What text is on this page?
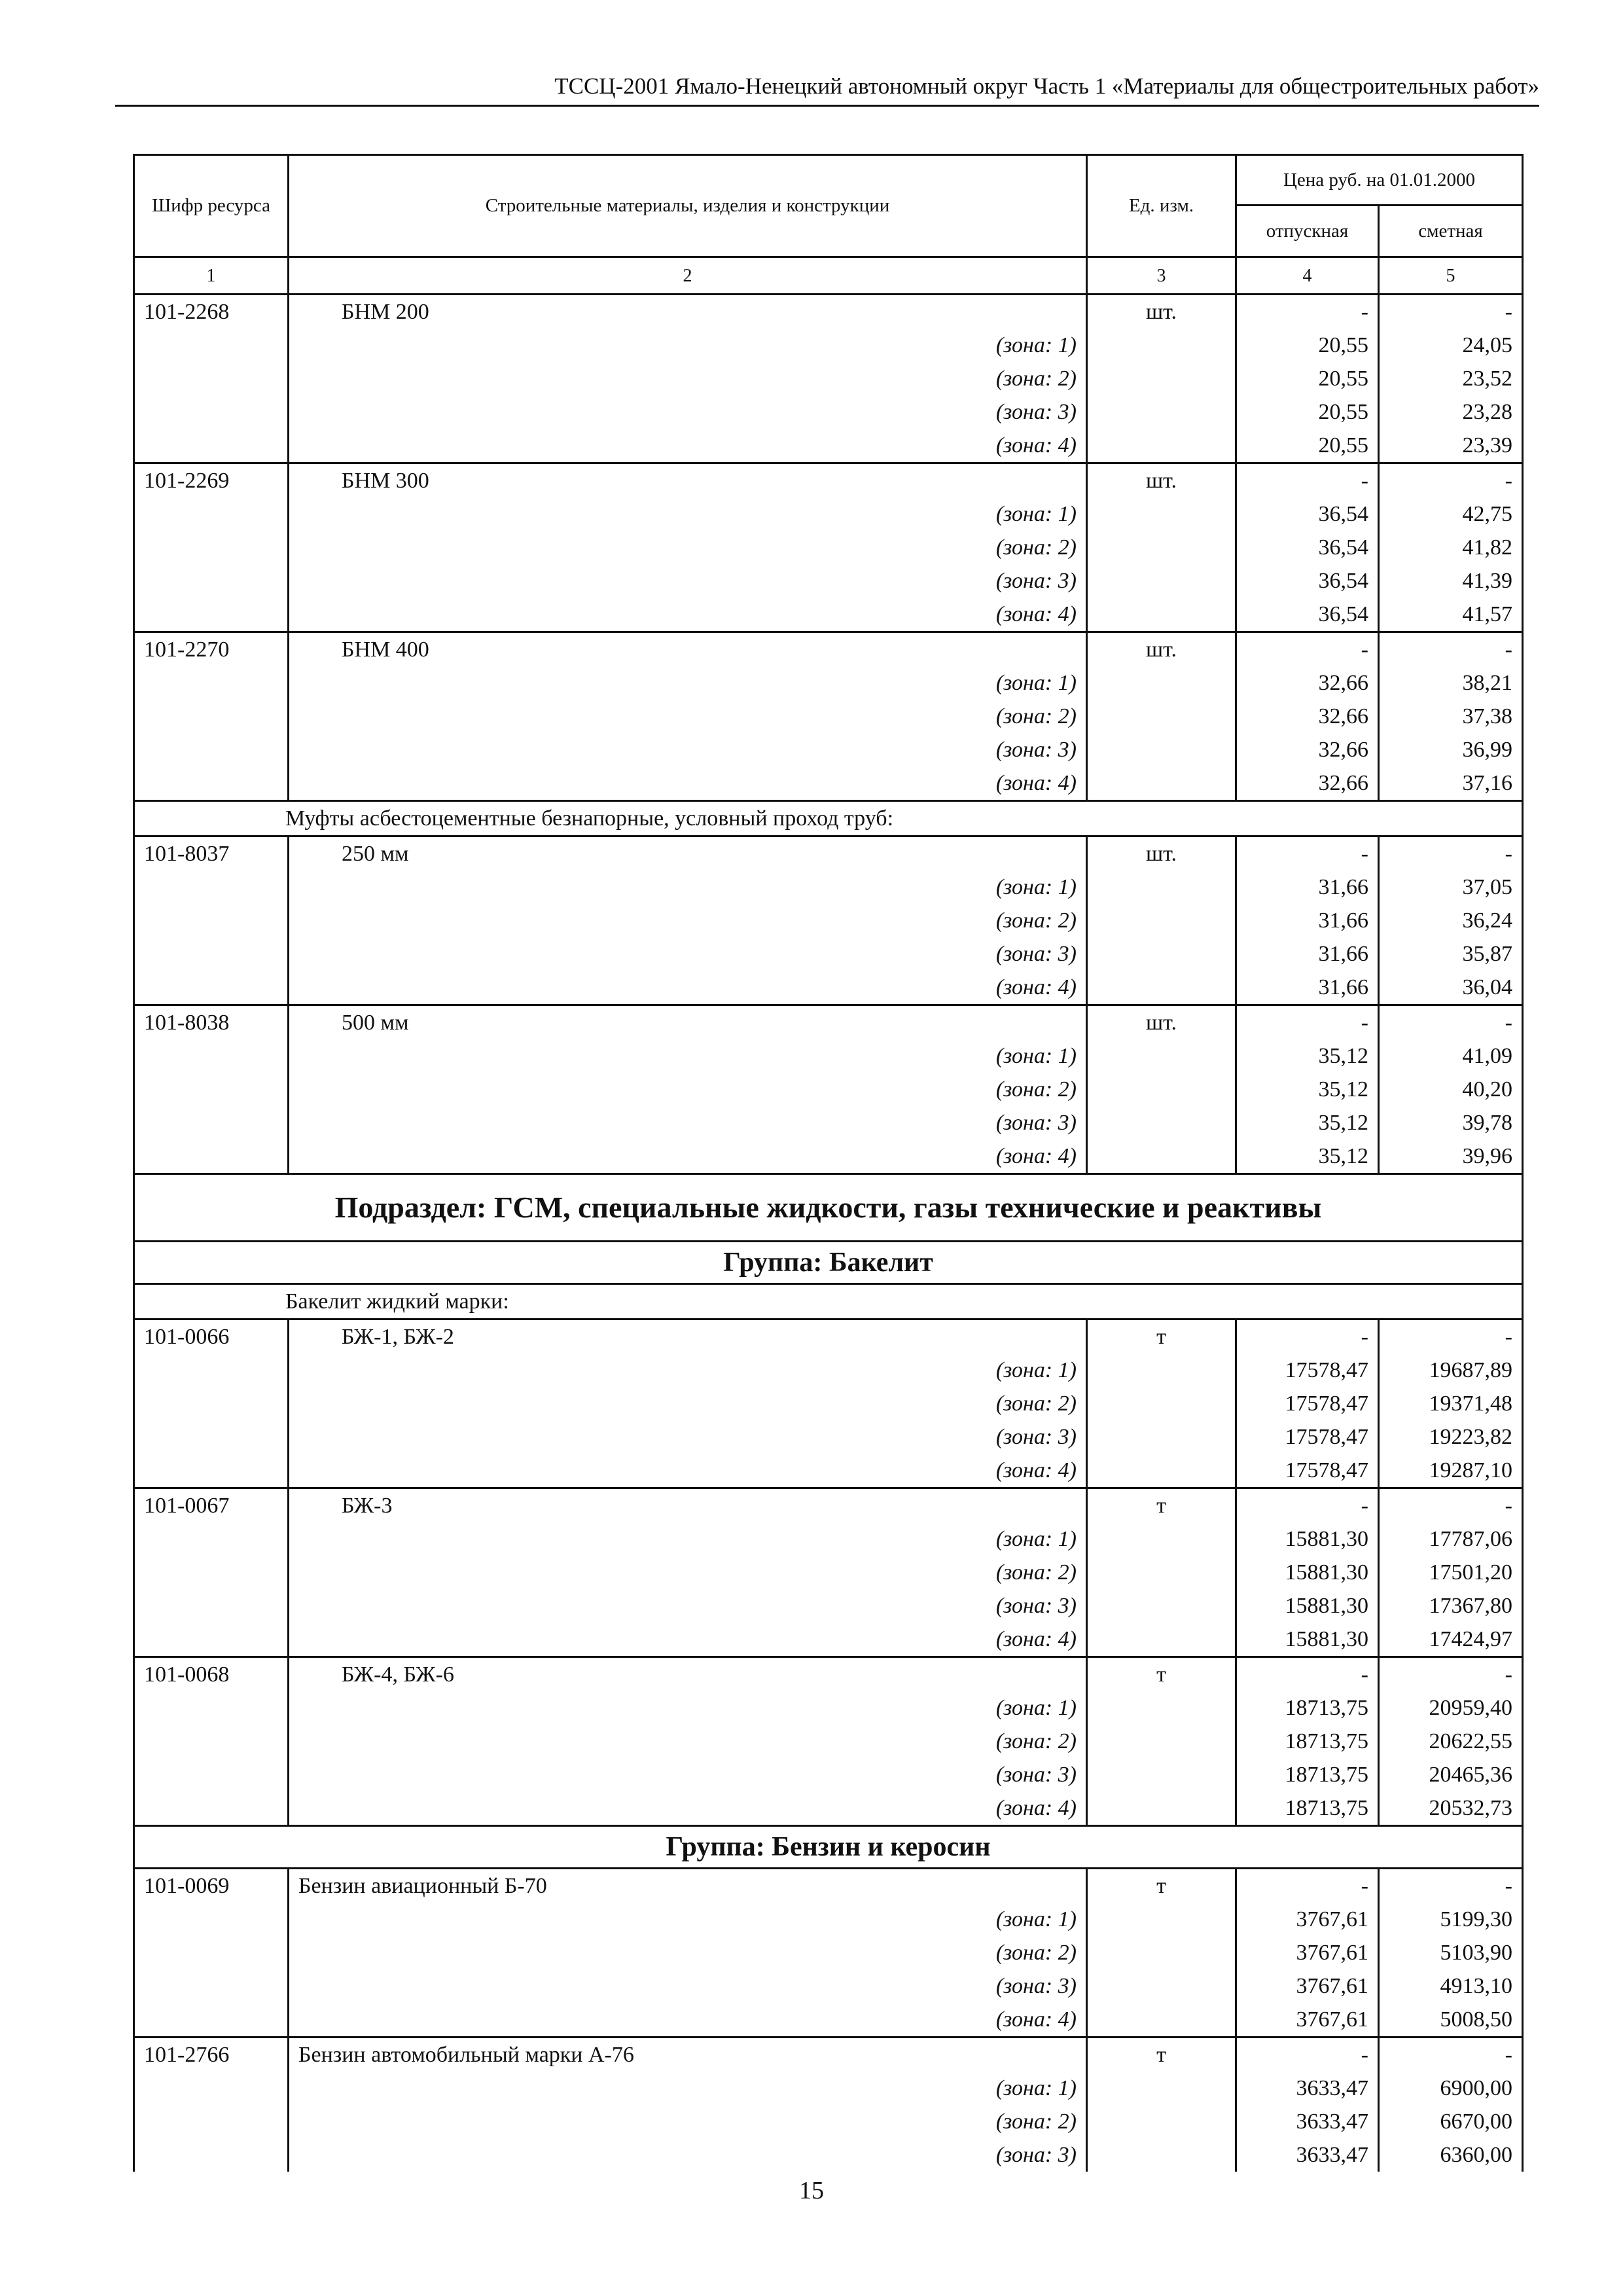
ТССЦ-2001 Ямало-Ненецкий автономный округ Часть 1 «Материалы для общестроительных работ»
Шифр ресурса	Строительные материалы, изделия и конструкции	Ед. изм.	Цена руб. на 01.01.2000	
			отпускная	сметная
1	2	3	4	5
101-2268	БНМ 200	шт.	-	-
	(зона: 1)		20,55	24,05
	(зона: 2)		20,55	23,52
	(зона: 3)		20,55	23,28
	(зона: 4)		20,55	23,39
101-2269	БНМ 300	шт.	-	-
	(зона: 1)		36,54	42,75
	(зона: 2)		36,54	41,82
	(зона: 3)		36,54	41,39
	(зона: 4)		36,54	41,57
101-2270	БНМ 400	шт.	-	-
	(зона: 1)		32,66	38,21
	(зона: 2)		32,66	37,38
	(зона: 3)		32,66	36,99
	(зона: 4)		32,66	37,16
Муфты асбестоцементные безнапорные, условный проход труб:				
101-8037	250 мм	шт.	-	-
	(зона: 1)		31,66	37,05
	(зона: 2)		31,66	36,24
	(зона: 3)		31,66	35,87
	(зона: 4)		31,66	36,04
101-8038	500 мм	шт.	-	-
	(зона: 1)		35,12	41,09
	(зона: 2)		35,12	40,20
	(зона: 3)		35,12	39,78
	(зона: 4)		35,12	39,96
Подраздел: ГСМ, специальные жидкости, газы технические и реактивы				
Группа: Бакелит				
Бакелит жидкий марки:				
101-0066	БЖ-1, БЖ-2	т	-	-
	(зона: 1)		17578,47	19687,89
	(зона: 2)		17578,47	19371,48
	(зона: 3)		17578,47	19223,82
	(зона: 4)		17578,47	19287,10
101-0067	БЖ-3	т	-	-
	(зона: 1)		15881,30	17787,06
	(зона: 2)		15881,30	17501,20
	(зона: 3)		15881,30	17367,80
	(зона: 4)		15881,30	17424,97
101-0068	БЖ-4, БЖ-6	т	-	-
	(зона: 1)		18713,75	20959,40
	(зона: 2)		18713,75	20622,55
	(зона: 3)		18713,75	20465,36
	(зона: 4)		18713,75	20532,73
Группа: Бензин и керосин				
101-0069	Бензин авиационный Б-70	т	-	-
	(зона: 1)		3767,61	5199,30
	(зона: 2)		3767,61	5103,90
	(зона: 3)		3767,61	4913,10
	(зона: 4)		3767,61	5008,50
101-2766	Бензин автомобильный марки А-76	т	-	-
	(зона: 1)		3633,47	6900,00
	(зона: 2)		3633,47	6670,00
	(зона: 3)		3633,47	6360,00
15
